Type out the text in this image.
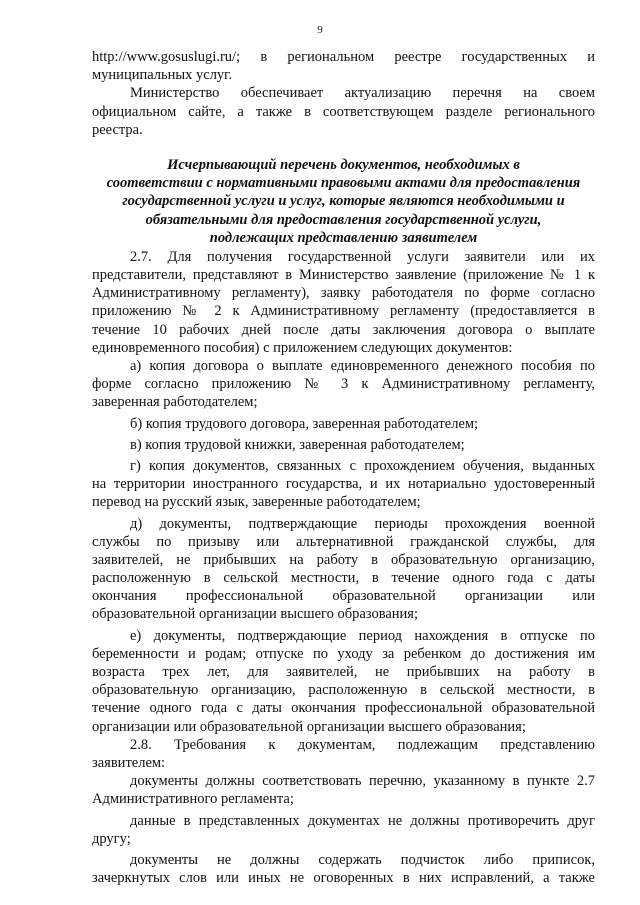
9
http://www.gosuslugi.ru/; в региональном реестре государственных и
муниципальных услуг.
Министерство обеспечивает актуализацию перечня на своем
официальном сайте, а также в соответствующем разделе регионального
реестра.
Исчерпывающий перечень документов, необходимых в
соответствии с нормативными правовыми актами для предоставления
государственной услуги и услуг, которые являются необходимыми и
обязательными для предоставления государственной услуги,
подлежащих представлению заявителем
2.7. Для получения государственной услуги заявители или их
представители, представляют в Министерство заявление (приложение № 1 к
Административному регламенту), заявку работодателя по форме согласно
приложению № 2 к Административному регламенту (предоставляется в
течение 10 рабочих дней после даты заключения договора о выплате
единовременного пособия) с приложением следующих документов:
а) копия договора о выплате единовременного денежного пособия по
форме согласно приложению № 3 к Административному регламенту,
заверенная работодателем;
б) копия трудового договора, заверенная работодателем;
в) копия трудовой книжки, заверенная работодателем;
г) копия документов, связанных с прохождением обучения, выданных
на территории иностранного государства, и их нотариально удостоверенный
перевод на русский язык, заверенные работодателем;
д) документы, подтверждающие периоды прохождения военной
службы по призыву или альтернативной гражданской службы, для
заявителей, не прибывших на работу в образовательную организацию,
расположенную в сельской местности, в течение одного года с даты
окончания профессиональной образовательной организации или
образовательной организации высшего образования;
е) документы, подтверждающие период нахождения в отпуске по
беременности и родам; отпуске по уходу за ребенком до достижения им
возраста трех лет, для заявителей, не прибывших на работу в
образовательную организацию, расположенную в сельской местности, в
течение одного года с даты окончания профессиональной образовательной
организации или образовательной организации высшего образования;
2.8. Требования к документам, подлежащим представлению
заявителем:
документы должны соответствовать перечню, указанному в пункте 2.7
Административного регламента;
данные в представленных документах не должны противоречить друг
другу;
документы не должны содержать подчисток либо приписок,
зачеркнутых слов или иных не оговоренных в них исправлений, а также
